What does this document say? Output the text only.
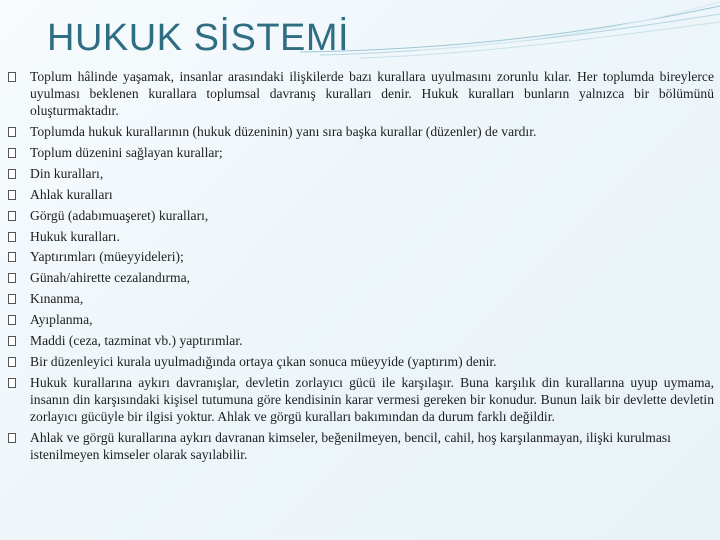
HUKUK SİSTEMİ
Toplum hâlinde yaşamak, insanlar arasındaki ilişkilerde bazı kurallara uyulmasını zorunlu kılar. Her toplumda bireylerce uyulması beklenen kurallara toplumsal davranış kuralları denir. Hukuk kuralları bunların yalnızca bir bölümünü oluşturmaktadır.
Toplumda hukuk kurallarının (hukuk düzeninin) yanı sıra başka kurallar (düzenler) de vardır.
Toplum düzenini sağlayan kurallar;
Din kuralları,
Ahlak kuralları
Görgü (adabımuaşeret) kuralları,
Hukuk kuralları.
Yaptırımları (müeyyideleri);
Günah/ahirette cezalandırma,
Kınanma,
Ayıplanma,
Maddi (ceza, tazminat vb.) yaptırımlar.
Bir düzenleyici kurala uyulmadığında ortaya çıkan sonuca müeyyide (yaptırım) denir.
Hukuk kurallarına aykırı davranışlar, devletin zorlayıcı gücü ile karşılaşır. Buna karşılık din kurallarına uyup uymama, insanın din karşısındaki kişisel tutumuna göre kendisinin karar vermesi gereken bir konudur. Bunun laik bir devlette devletin zorlayıcı gücüyle bir ilgisi yoktur. Ahlak ve görgü kuralları bakımından da durum farklı değildir.
Ahlak ve görgü kurallarına aykırı davranan kimseler, beğenilmeyen, bencil, cahil, hoş karşılanmayan, ilişki kurulması istenilmeyen kimseler olarak sayılabilir.
